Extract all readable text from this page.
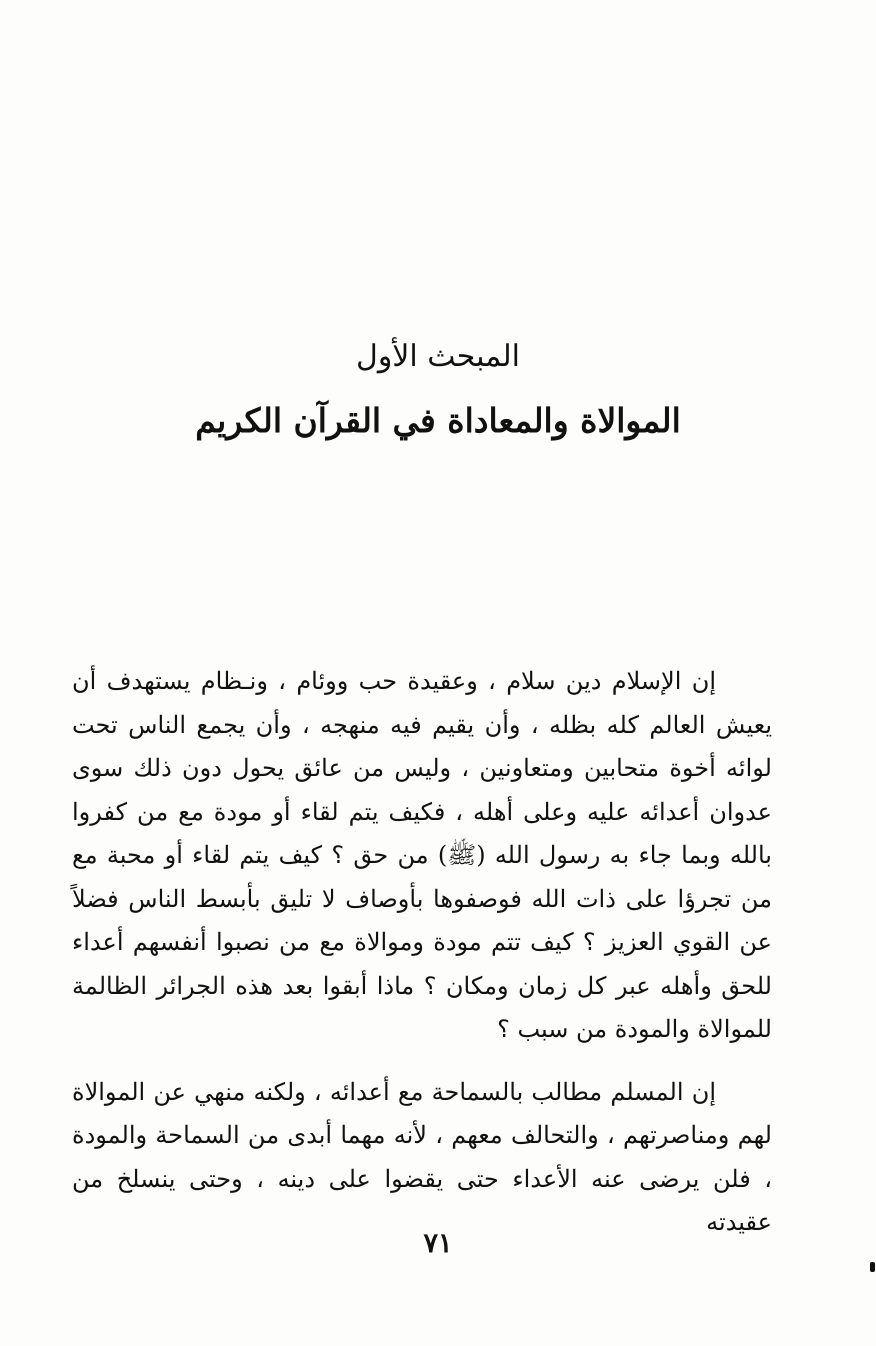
المبحث الأول
الموالاة والمعاداة في القرآن الكريم

إن الإسلام دين سلام ، وعقيدة حب ووئام ، ونـظام يستهدف أن يعيش العالم كله بظله ، وأن يقيم فيه منهجه ، وأن يجمع الناس تحت لوائه أخوة متحابين ومتعاونين ، وليس من عائق يحول دون ذلك سوى عدوان أعدائه عليه وعلى أهله ، فكيف يتم لقاء أو مودة مع من كفروا بالله وبما جاء به رسول الله (ﷺ) من حق ؟ كيف يتم لقاء أو محبة مع من تجرؤا على ذات الله فوصفوها بأوصاف لا تليق بأبسط الناس فضلاً عن القوي العزيز ؟ كيف تتم مودة وموالاة مع من نصبوا أنفسهم أعداء للحق وأهله عبر كل زمان ومكان ؟ ماذا أبقوا بعد هذه الجرائر الظالمة للموالاة والمودة من سبب ؟

إن المسلم مطالب بالسماحة مع أعدائه ، ولكنه منهي عن الموالاة لهم ومناصرتهم ، والتحالف معهم ، لأنه مهما أبدى من السماحة والمودة ، فلن يرضى عنه الأعداء حتى يقضوا على دينه ، وحتى ينسلخ من عقيدته

٧١
